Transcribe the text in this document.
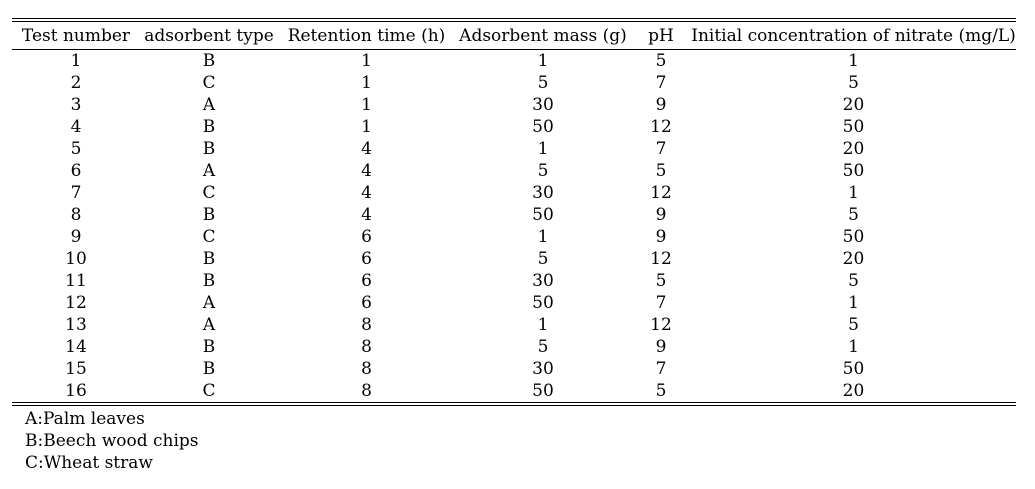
Test number	adsorbent type	Retention time (h)	Adsorbent mass (g)	pH	Initial concentration of nitrate (mg/L)
1	B	1	1	5	1
2	C	1	5	7	5
3	A	1	30	9	20
4	B	1	50	12	50
5	B	4	1	7	20
6	A	4	5	5	50
7	C	4	30	12	1
8	B	4	50	9	5
9	C	6	1	9	50
10	B	6	5	12	20
11	B	6	30	5	5
12	A	6	50	7	1
13	A	8	1	12	5
14	B	8	5	9	1
15	B	8	30	7	50
16	C	8	50	5	20
A:Palm leaves
B:Beech wood chips
C:Wheat straw
